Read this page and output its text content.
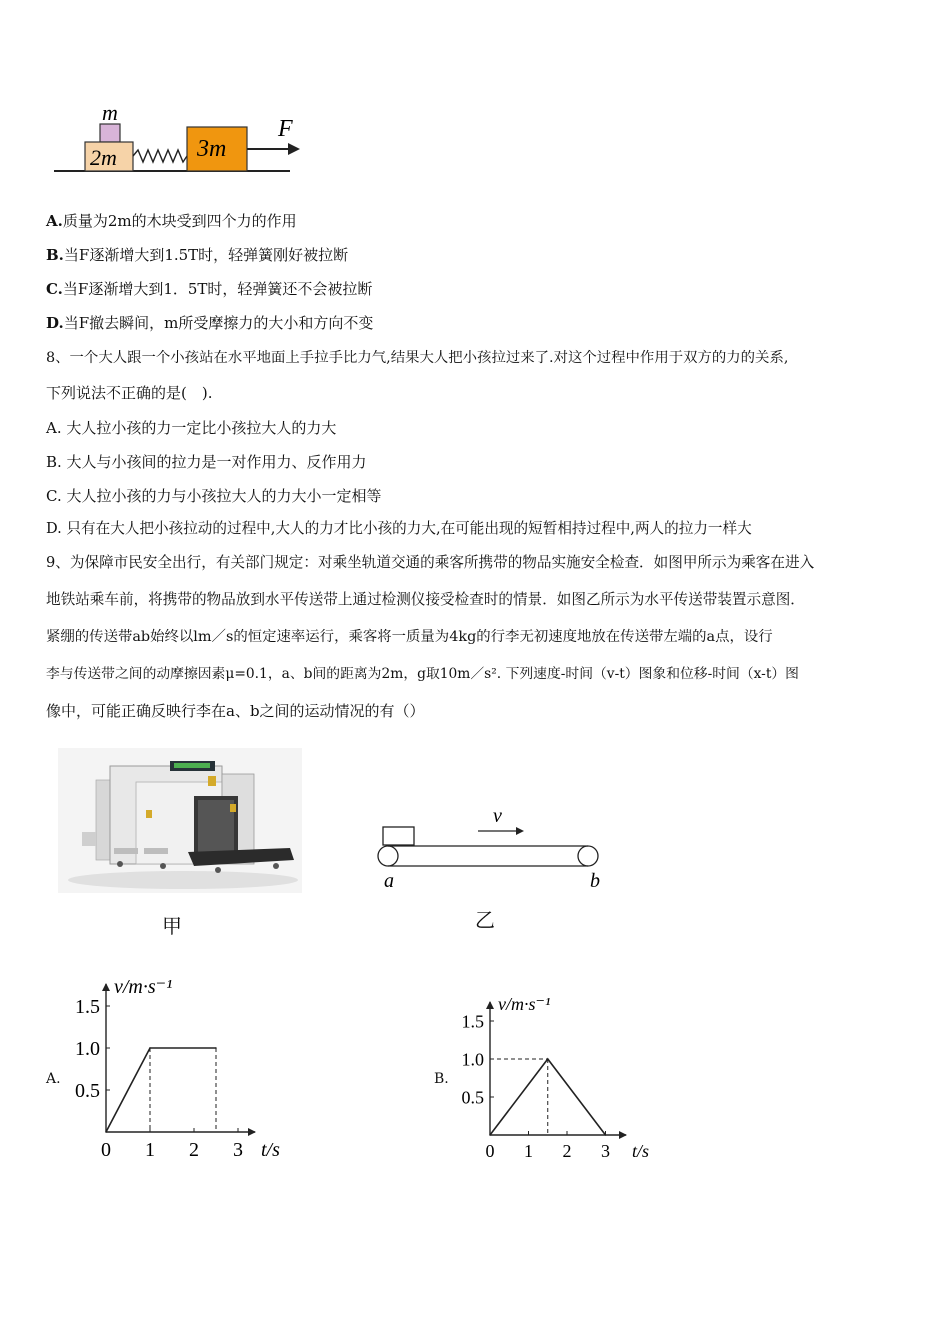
m
2m	3m
F
A.质量为2m的木块受到四个力的作用
B.当F逐渐增大到1.5T时，轻弹簧刚好被拉断
C.当F逐渐增大到1．5T时，轻弹簧还不会被拉断
D.当F撤去瞬间，m所受摩擦力的大小和方向不变
8、一个大人跟一个小孩站在水平地面上手拉手比力气,结果大人把小孩拉过来了.对这个过程中作用于双方的力的关系,
下列说法不正确的是(　).
A. 大人拉小孩的力一定比小孩拉大人的力大
B. 大人与小孩间的拉力是一对作用力、反作用力
C. 大人拉小孩的力与小孩拉大人的力大小一定相等
D. 只有在大人把小孩拉动的过程中,大人的力才比小孩的力大,在可能出现的短暂相持过程中,两人的拉力一样大
9、为保障市民安全出行，有关部门规定：对乘坐轨道交通的乘客所携带的物品实施安全检查．如图甲所示为乘客在进入
地铁站乘车前，将携带的物品放到水平传送带上通过检测仪接受检查时的情景．如图乙所示为水平传送带装置示意图．
紧绷的传送带ab始终以lm／s的恒定速率运行，乘客将一质量为4kg的行李无初速度地放在传送带左端的a点，设行
李与传送带之间的动摩擦因素μ=0.1，a、b间的距离为2m，g取10m／s². 下列速度-时间（v-t）图象和位移-时间（x-t）图
像中，可能正确反映行李在a、b之间的运动情况的有（）
甲
v
a	b
乙
A.
0.5
1.0
1.5
0 1 2 3
v/m·s⁻¹
t/s
B.
0.5
1.0
1.5
0 1 2 3
v/m·s⁻¹
t/s
